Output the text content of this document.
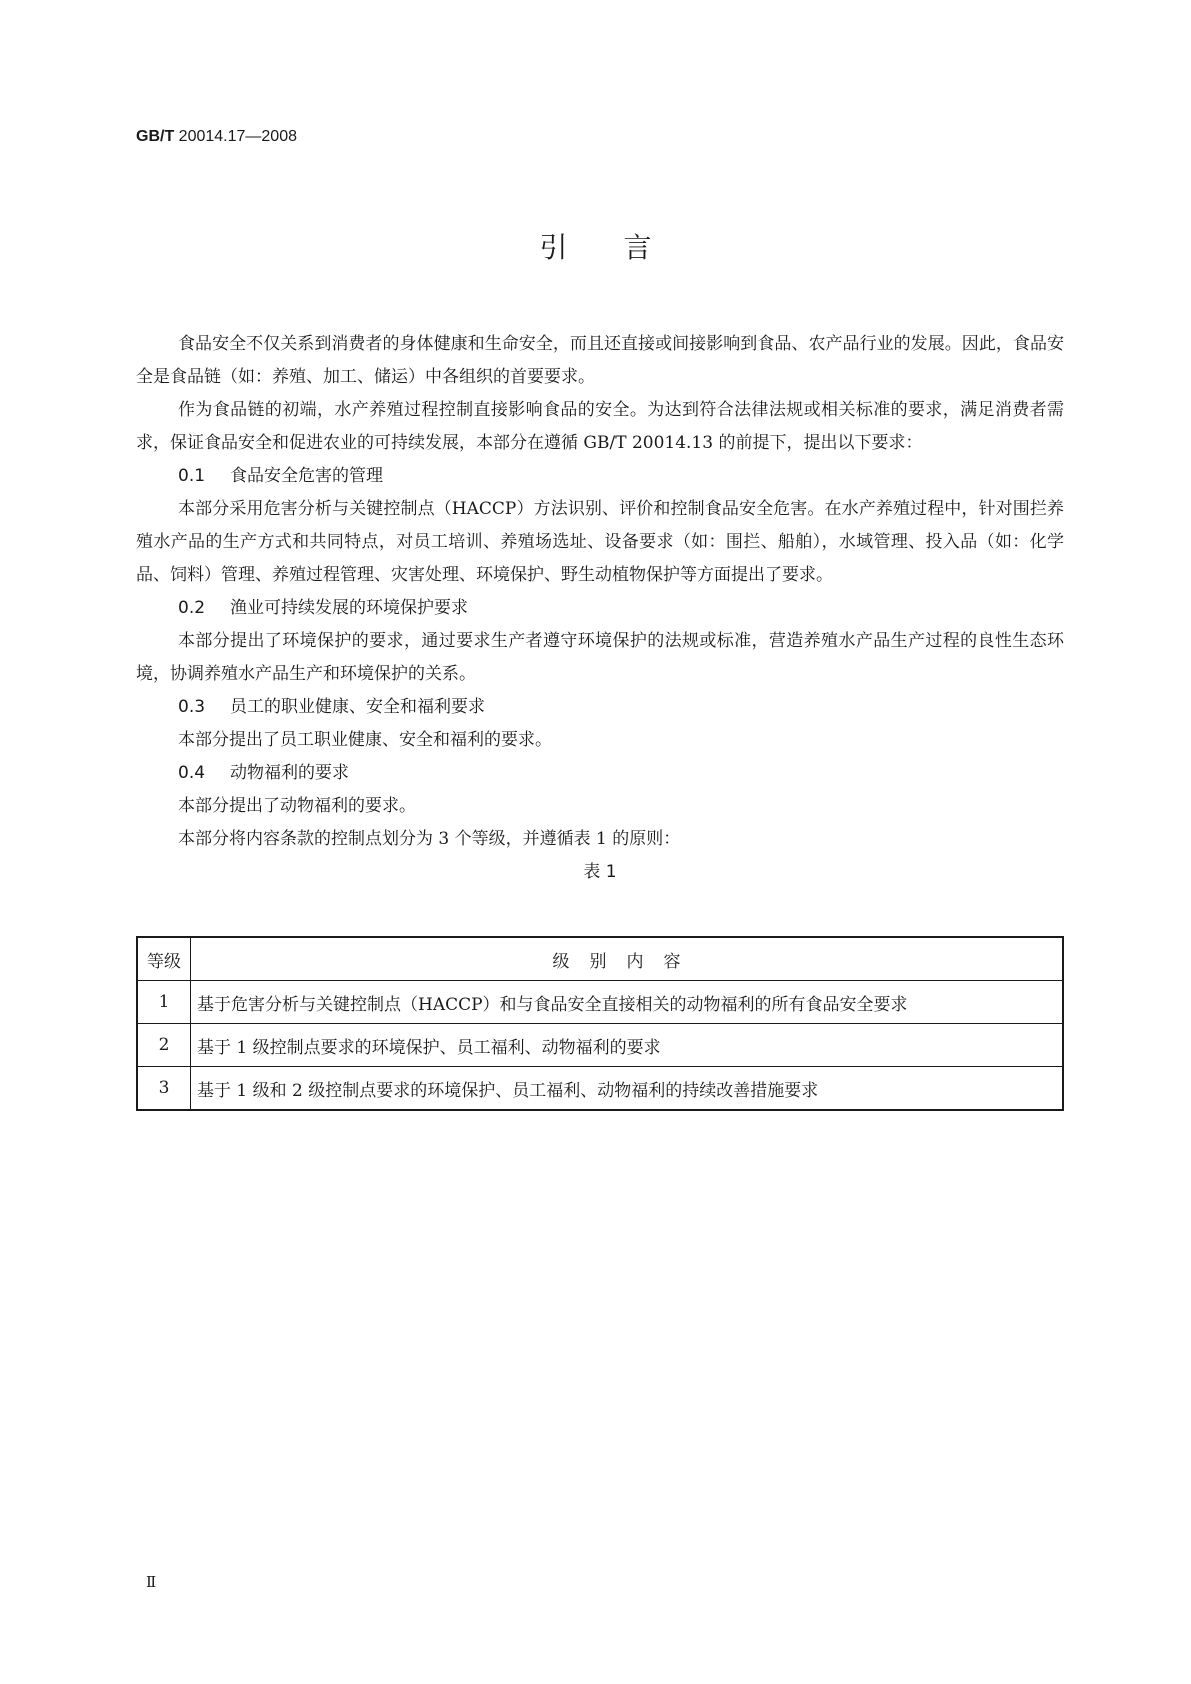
GB/T 20014.17—2008
引言

食品安全不仅关系到消费者的身体健康和生命安全，而且还直接或间接影响到食品、农产品行业的发展。因此，食品安全是食品链（如：养殖、加工、储运）中各组织的首要要求。

作为食品链的初端，水产养殖过程控制直接影响食品的安全。为达到符合法律法规或相关标准的要求，满足消费者需求，保证食品安全和促进农业的可持续发展，本部分在遵循 GB/T 20014.13 的前提下，提出以下要求：

0.1 食品安全危害的管理

本部分采用危害分析与关键控制点（HACCP）方法识别、评价和控制食品安全危害。在水产养殖过程中，针对围拦养殖水产品的生产方式和共同特点，对员工培训、养殖场选址、设备要求（如：围拦、船舶），水域管理、投入品（如：化学品、饲料）管理、养殖过程管理、灾害处理、环境保护、野生动植物保护等方面提出了要求。

0.2 渔业可持续发展的环境保护要求

本部分提出了环境保护的要求，通过要求生产者遵守环境保护的法规或标准，营造养殖水产品生产过程的良性生态环境，协调养殖水产品生产和环境保护的关系。

0.3 员工的职业健康、安全和福利要求

本部分提出了员工职业健康、安全和福利的要求。

0.4 动物福利的要求

本部分提出了动物福利的要求。

本部分将内容条款的控制点划分为 3 个等级，并遵循表 1 的原则：

表 1
等级	级别内容
1	基于危害分析与关键控制点（HACCP）和与食品安全直接相关的动物福利的所有食品安全要求
2	基于 1 级控制点要求的环境保护、员工福利、动物福利的要求
3	基于 1 级和 2 级控制点要求的环境保护、员工福利、动物福利的持续改善措施要求
Ⅱ
